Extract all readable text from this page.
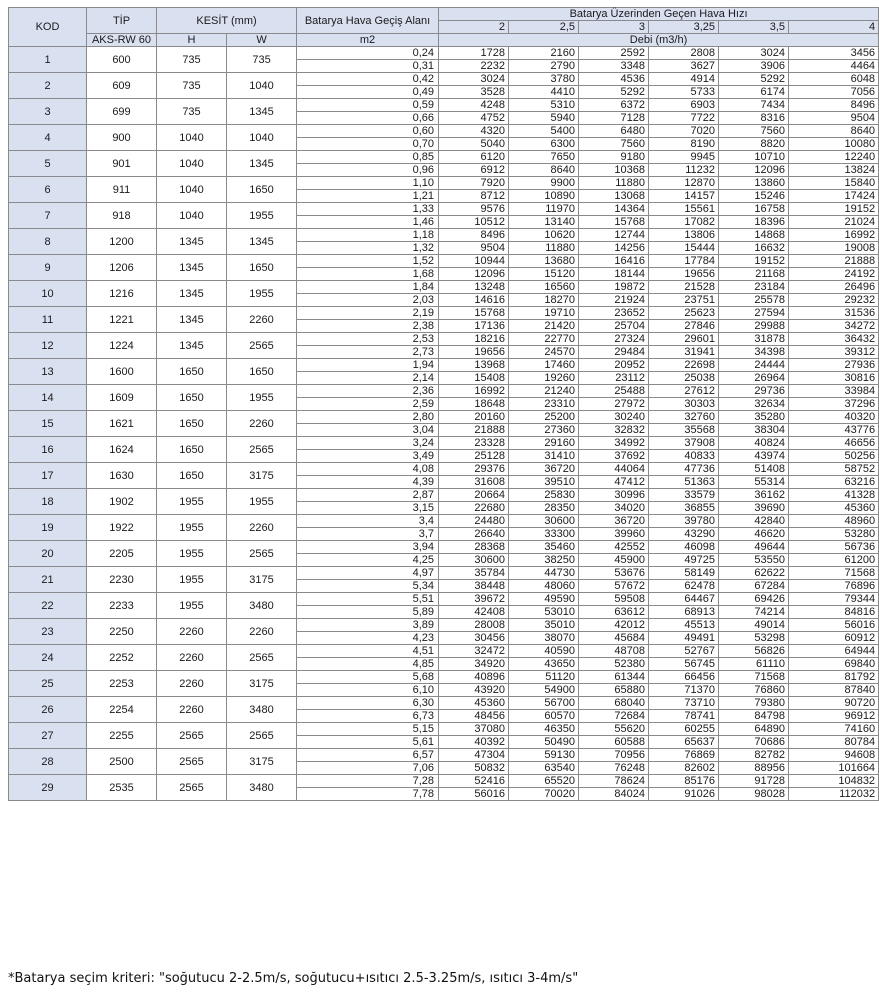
KOD	TİP	KESİT (mm)		Batarya Hava Geçiş Alanı	Batarya Üzerinden Geçen Hava Hızı					
					2	2,5	3	3,25	3,5	4
	AKS-RW 60	H	W	m2	Debi (m3/h)					
1	600	735	735	0,24	1728	2160	2592	2808	3024	3456
				0,31	2232	2790	3348	3627	3906	4464
2	609	735	1040	0,42	3024	3780	4536	4914	5292	6048
				0,49	3528	4410	5292	5733	6174	7056
3	699	735	1345	0,59	4248	5310	6372	6903	7434	8496
				0,66	4752	5940	7128	7722	8316	9504
4	900	1040	1040	0,60	4320	5400	6480	7020	7560	8640
				0,70	5040	6300	7560	8190	8820	10080
5	901	1040	1345	0,85	6120	7650	9180	9945	10710	12240
				0,96	6912	8640	10368	11232	12096	13824
6	911	1040	1650	1,10	7920	9900	11880	12870	13860	15840
				1,21	8712	10890	13068	14157	15246	17424
7	918	1040	1955	1,33	9576	11970	14364	15561	16758	19152
				1,46	10512	13140	15768	17082	18396	21024
8	1200	1345	1345	1,18	8496	10620	12744	13806	14868	16992
				1,32	9504	11880	14256	15444	16632	19008
9	1206	1345	1650	1,52	10944	13680	16416	17784	19152	21888
				1,68	12096	15120	18144	19656	21168	24192
10	1216	1345	1955	1,84	13248	16560	19872	21528	23184	26496
				2,03	14616	18270	21924	23751	25578	29232
11	1221	1345	2260	2,19	15768	19710	23652	25623	27594	31536
				2,38	17136	21420	25704	27846	29988	34272
12	1224	1345	2565	2,53	18216	22770	27324	29601	31878	36432
				2,73	19656	24570	29484	31941	34398	39312
13	1600	1650	1650	1,94	13968	17460	20952	22698	24444	27936
				2,14	15408	19260	23112	25038	26964	30816
14	1609	1650	1955	2,36	16992	21240	25488	27612	29736	33984
				2,59	18648	23310	27972	30303	32634	37296
15	1621	1650	2260	2,80	20160	25200	30240	32760	35280	40320
				3,04	21888	27360	32832	35568	38304	43776
16	1624	1650	2565	3,24	23328	29160	34992	37908	40824	46656
				3,49	25128	31410	37692	40833	43974	50256
17	1630	1650	3175	4,08	29376	36720	44064	47736	51408	58752
				4,39	31608	39510	47412	51363	55314	63216
18	1902	1955	1955	2,87	20664	25830	30996	33579	36162	41328
				3,15	22680	28350	34020	36855	39690	45360
19	1922	1955	2260	3,4	24480	30600	36720	39780	42840	48960
				3,7	26640	33300	39960	43290	46620	53280
20	2205	1955	2565	3,94	28368	35460	42552	46098	49644	56736
				4,25	30600	38250	45900	49725	53550	61200
21	2230	1955	3175	4,97	35784	44730	53676	58149	62622	71568
				5,34	38448	48060	57672	62478	67284	76896
22	2233	1955	3480	5,51	39672	49590	59508	64467	69426	79344
				5,89	42408	53010	63612	68913	74214	84816
23	2250	2260	2260	3,89	28008	35010	42012	45513	49014	56016
				4,23	30456	38070	45684	49491	53298	60912
24	2252	2260	2565	4,51	32472	40590	48708	52767	56826	64944
				4,85	34920	43650	52380	56745	61110	69840
25	2253	2260	3175	5,68	40896	51120	61344	66456	71568	81792
				6,10	43920	54900	65880	71370	76860	87840
26	2254	2260	3480	6,30	45360	56700	68040	73710	79380	90720
				6,73	48456	60570	72684	78741	84798	96912
27	2255	2565	2565	5,15	37080	46350	55620	60255	64890	74160
				5,61	40392	50490	60588	65637	70686	80784
28	2500	2565	3175	6,57	47304	59130	70956	76869	82782	94608
				7,06	50832	63540	76248	82602	88956	101664
29	2535	2565	3480	7,28	52416	65520	78624	85176	91728	104832
				7,78	56016	70020	84024	91026	98028	112032
*Batarya seçim kriteri: "soğutucu 2-2.5m/s, soğutucu+ısıtıcı 2.5-3.25m/s, ısıtıcı 3-4m/s"
